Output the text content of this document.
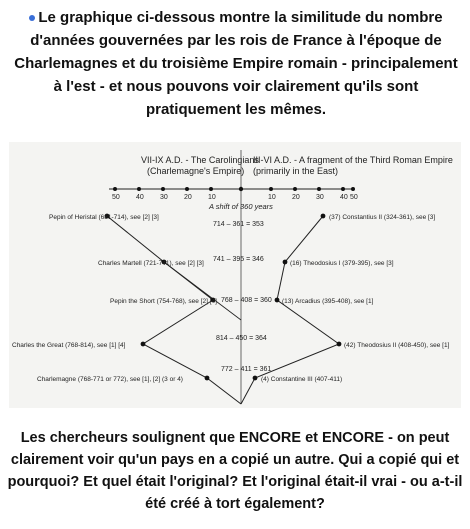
Le graphique ci-dessous montre la similitude du nombre d'années gouvernées par les rois de France à l'époque de Charlemagnes et du troisième Empire romain - principalement à l'est - et nous pouvons voir clairement qu'ils sont pratiquement les mêmes.
VII-IX A.D. - The Carolingians
(Charlemagne's Empire)
III-VI A.D. - A fragment of the Third Roman Empire
(primarily in the East)
50 40 30 20 10	10 20 30 40 50
A shift of 360 years
Pepin of Heristal (681-714), see [2] [3]
Charles Martell (721-741), see [2] [3]
Pepin the Short (754-768), see [2] [4]
Charles the Great (768-814), see [1] [4]
Charlemagne (768-771 or 772), see [1], [2] (3 or 4)
(37) Constantius II (324-361), see [3]
(16) Theodosius I (379-395), see [3]
(13) Arcadius (395-408), see [1]
(42) Theodosius II (408-450), see [1]
(4) Constantine III (407-411)
714 – 361 = 353
741 – 395 = 346
768 – 408 = 360
814 – 450 = 364
772 – 411 = 361
Les chercheurs soulignent que ENCORE et ENCORE - on peut clairement voir qu'un pays en a copié un autre. Qui a copié qui et pourquoi? Et quel était l'original? Et l'original était-il vrai - ou a-t-il été créé à tort également?
